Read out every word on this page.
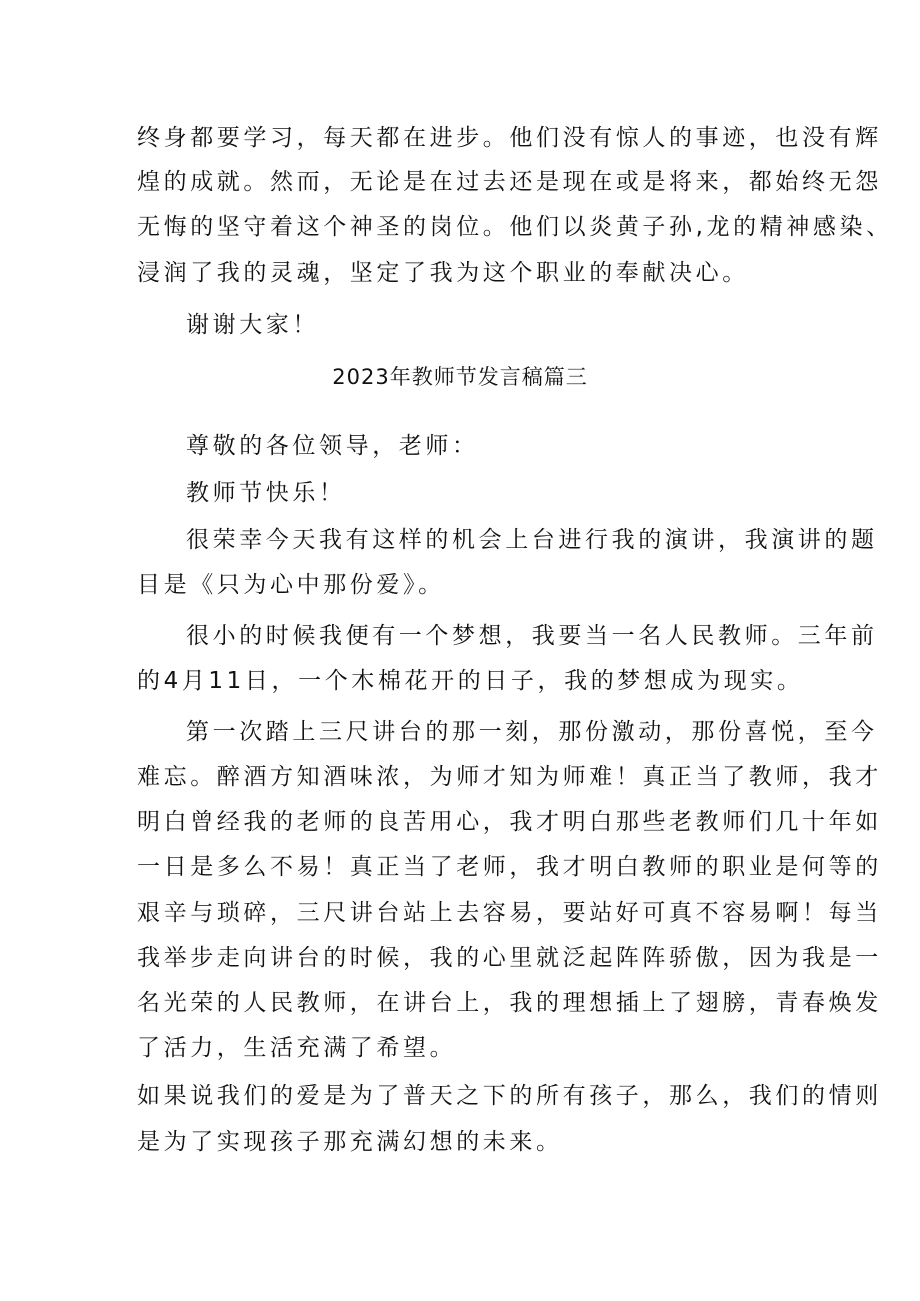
终身都要学习，每天都在进步。他们没有惊人的事迹，也没有辉
煌的成就。然而，无论是在过去还是现在或是将来，都始终无怨
无悔的坚守着这个神圣的岗位。他们以炎黄子孙,龙的精神感染、
浸润了我的灵魂，坚定了我为这个职业的奉献决心。
谢谢大家！
2023年教师节发言稿篇三
尊敬的各位领导，老师：
教师节快乐！
很荣幸今天我有这样的机会上台进行我的演讲，我演讲的题
目是《只为心中那份爱》。
很小的时候我便有一个梦想，我要当一名人民教师。三年前
的4月11日，一个木棉花开的日子，我的梦想成为现实。
第一次踏上三尺讲台的那一刻，那份激动，那份喜悦，至今
难忘。醉酒方知酒味浓，为师才知为师难！真正当了教师，我才
明白曾经我的老师的良苦用心，我才明白那些老教师们几十年如
一日是多么不易！真正当了老师，我才明白教师的职业是何等的
艰辛与琐碎，三尺讲台站上去容易，要站好可真不容易啊！每当
我举步走向讲台的时候，我的心里就泛起阵阵骄傲，因为我是一
名光荣的人民教师，在讲台上，我的理想插上了翅膀，青春焕发
了活力，生活充满了希望。
如果说我们的爱是为了普天之下的所有孩子，那么，我们的情则
是为了实现孩子那充满幻想的未来。
